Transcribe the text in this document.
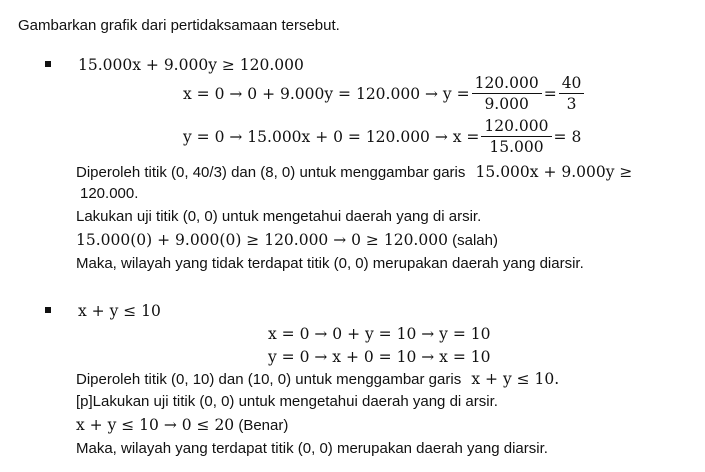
Gambarkan grafik dari pertidaksamaan tersebut.
15.000x + 9.000y ≥ 120.000
$x = 0 \to 0 + 9.000y = 120.000 \to y = \frac{120.000}{9.000} = \frac{40}{3}$
$y = 0 \to 15.000x + 0 = 120.000 \to x = \frac{120.000}{15.000} = 8$
Diperoleh titik (0, 40/3) dan (8, 0) untuk menggambar garis 15.000x + 9.000y ≥
120.000.
Lakukan uji titik (0, 0) untuk mengetahui daerah yang di arsir.
15.000(0) + 9.000(0) ≥ 120.000 → 0 ≥ 120.000 (salah)
Maka, wilayah yang tidak terdapat titik (0, 0) merupakan daerah yang diarsir.
x + y ≤ 10
x = 0 → 0 + y = 10 → y = 10
y = 0 → x + 0 = 10 → x = 10
Diperoleh titik (0, 10) dan (10, 0) untuk menggambar garis x + y ≤ 10.
[p]Lakukan uji titik (0, 0) untuk mengetahui daerah yang di arsir.
x + y ≤ 10 → 0 ≤ 20 (Benar)
Maka, wilayah yang terdapat titik (0, 0) merupakan daerah yang diarsir.
